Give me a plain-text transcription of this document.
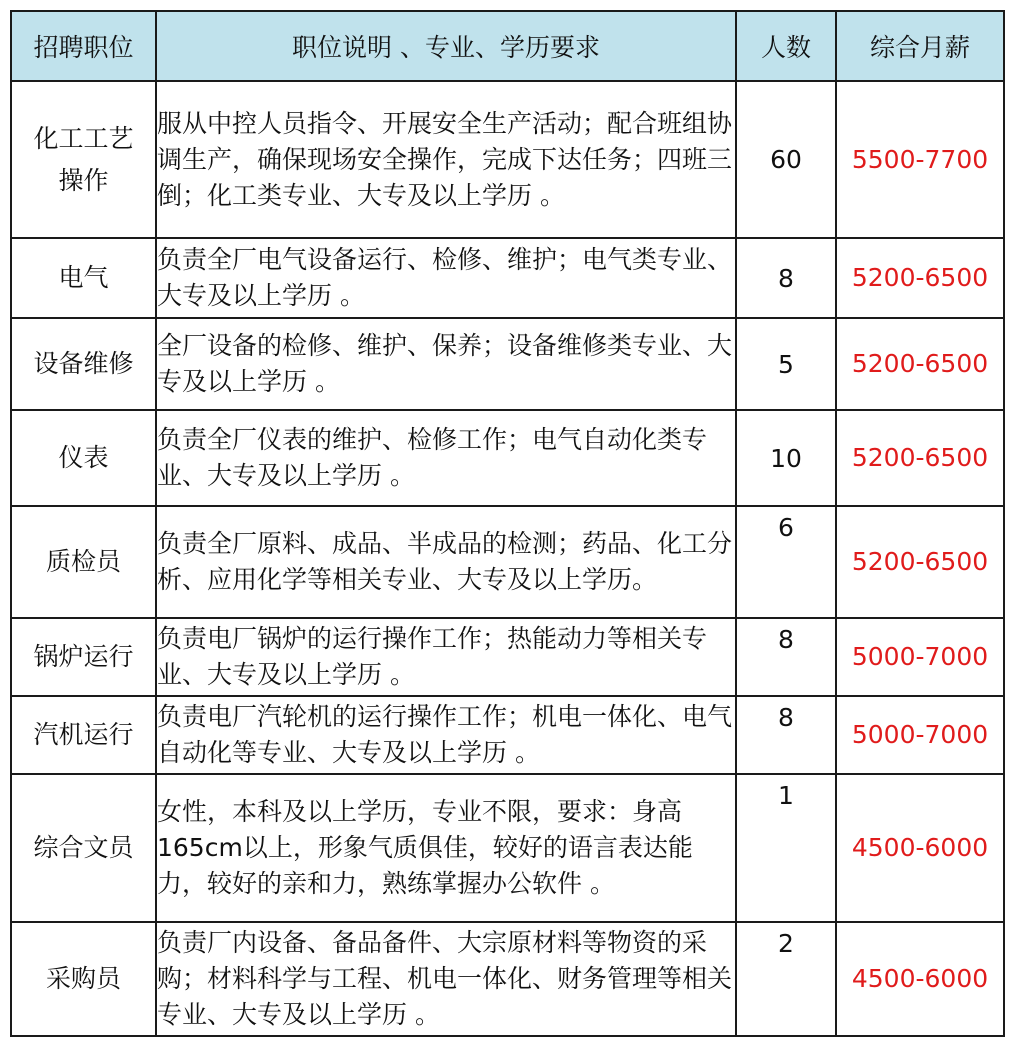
招聘职位	职位说明 、专业、学历要求	人数	综合月薪

化工工艺操作	服从中控人员指令、开展安全生产活动；配合班组协调生产，确保现场安全操作，完成下达任务；四班三倒；化工类专业、大专及以上学历 。	60	5500-7700

电气	负责全厂电气设备运行、检修、维护；电气类专业、大专及以上学历 。	8	5200-6500

设备维修	全厂设备的检修、维护、保养；设备维修类专业、大专及以上学历 。	5	5200-6500

仪表	负责全厂仪表的维护、检修工作；电气自动化类专业、大专及以上学历 。	10	5200-6500

质检员	负责全厂原料、成品、半成品的检测；药品、化工分析、应用化学等相关专业、大专及以上学历。	6	5200-6500

锅炉运行	负责电厂锅炉的运行操作工作；热能动力等相关专业、大专及以上学历 。	8	5000-7000

汽机运行	负责电厂汽轮机的运行操作工作；机电一体化、电气自动化等专业、大专及以上学历 。	8	5000-7000

综合文员	女性，本科及以上学历，专业不限，要求：身高165cm以上，形象气质俱佳，较好的语言表达能力，较好的亲和力，熟练掌握办公软件 。	1	4500-6000

采购员	负责厂内设备、备品备件、大宗原材料等物资的采购；材料科学与工程、机电一体化、财务管理等相关专业、大专及以上学历 。	2	4500-6000
